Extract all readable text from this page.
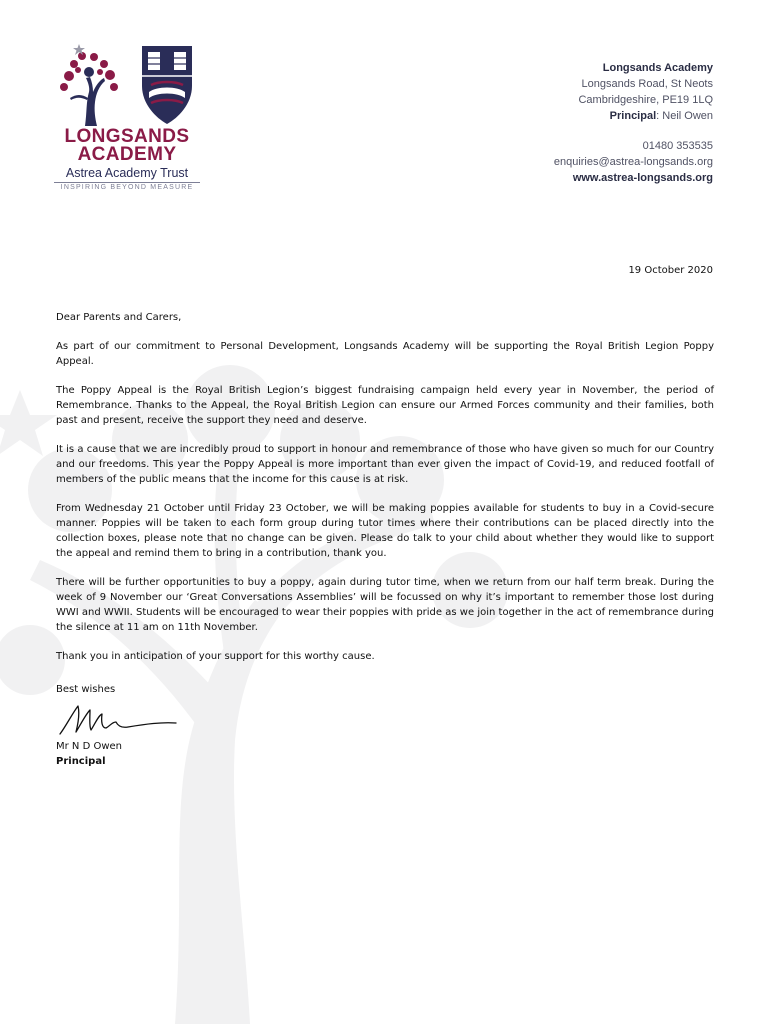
LONGSANDS
ACADEMY
Astrea Academy Trust
INSPIRING BEYOND MEASURE
Longsands Academy
Longsands Road, St Neots
Cambridgeshire, PE19 1LQ
Principal: Neil Owen
01480 353535
enquiries@astrea-longsands.org
www.astrea-longsands.org
19 October 2020

Dear Parents and Carers,

As part of our commitment to Personal Development, Longsands Academy will be supporting the Royal British Legion Poppy Appeal.

The Poppy Appeal is the Royal British Legion’s biggest fundraising campaign held every year in November, the period of Remembrance. Thanks to the Appeal, the Royal British Legion can ensure our Armed Forces community and their families, both past and present, receive the support they need and deserve.

It is a cause that we are incredibly proud to support in honour and remembrance of those who have given so much for our Country and our freedoms. This year the Poppy Appeal is more important than ever given the impact of Covid-19, and reduced footfall of members of the public means that the income for this cause is at risk.

From Wednesday 21 October until Friday 23 October, we will be making poppies available for students to buy in a Covid-secure manner. Poppies will be taken to each form group during tutor times where their contributions can be placed directly into the collection boxes, please note that no change can be given. Please do talk to your child about whether they would like to support the appeal and remind them to bring in a contribution, thank you.

There will be further opportunities to buy a poppy, again during tutor time, when we return from our half term break. During the week of 9 November our ‘Great Conversations Assemblies’ will be focussed on why it’s important to remember those lost during WWI and WWII. Students will be encouraged to wear their poppies with pride as we join together in the act of remembrance during the silence at 11 am on 11th November.

Thank you in anticipation of your support for this worthy cause.

Best wishes
Mr N D Owen
Principal
